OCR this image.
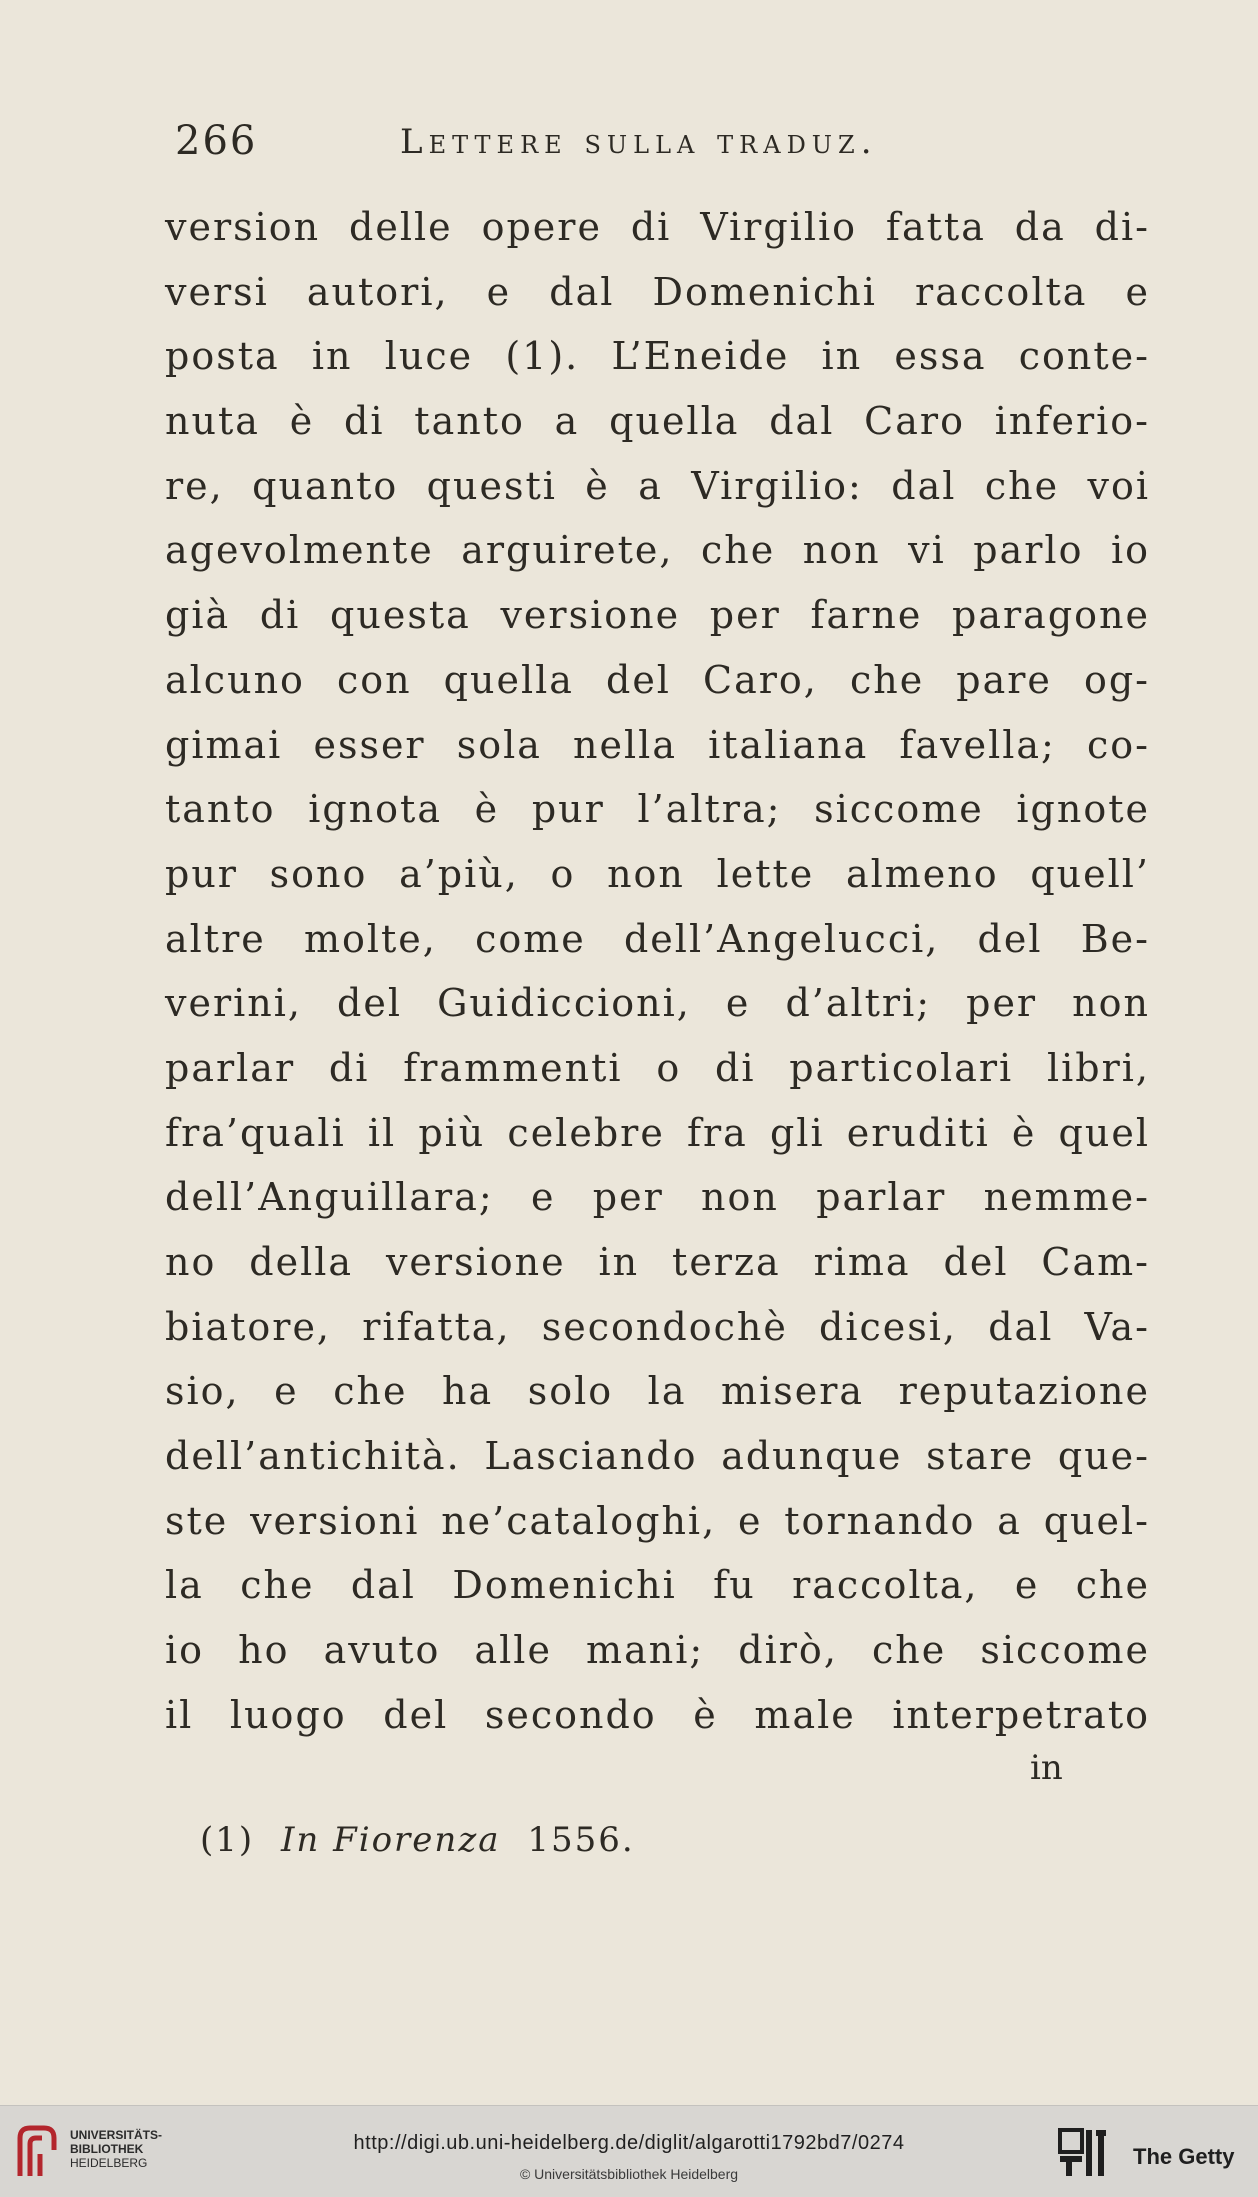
266	Lettere sulla traduz.
version delle opere di Virgilio fatta da di-
versi autori, e dal Domenichi raccolta e
posta in luce (1). L’Eneide in essa conte-
nuta è di tanto a quella dal Caro inferio-
re, quanto questi è a Virgilio: dal che voi
agevolmente arguirete, che non vi parlo io
già di questa versione per farne paragone
alcuno con quella del Caro, che pare og-
gimai esser sola nella italiana favella; co-
tanto ignota è pur l’altra; siccome ignote
pur sono a’più, o non lette almeno quell’
altre molte, come dell’Angelucci, del Be-
verini, del Guidiccioni, e d’altri; per non
parlar di frammenti o di particolari libri,
fra’quali il più celebre fra gli eruditi è quel
dell’Anguillara; e per non parlar nemme-
no della versione in terza rima del Cam-
biatore, rifatta, secondochè dicesi, dal Va-
sio, e che ha solo la misera reputazione
dell’antichità. Lasciando adunque stare que-
ste versioni ne’cataloghi, e tornando a quel-
la che dal Domenichi fu raccolta, e che
io ho avuto alle mani; dirò, che siccome
il luogo del secondo è male interpetrato
in
(1) In Fiorenza 1556.
UNIVERSITÄTS-
BIBLIOTHEK
HEIDELBERG
http://digi.ub.uni-heidelberg.de/diglit/algarotti1792bd7/0274
© Universitätsbibliothek Heidelberg
The Getty
